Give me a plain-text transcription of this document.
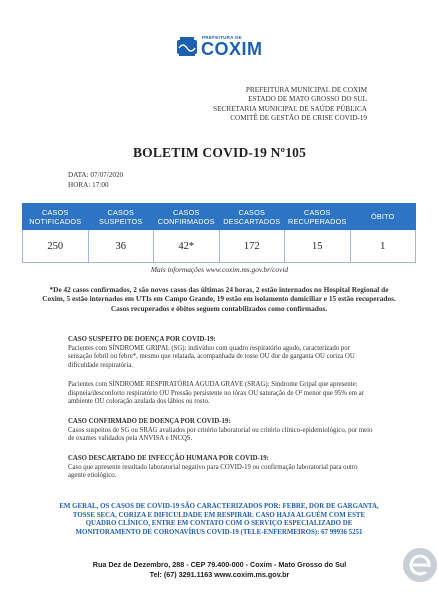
PREFEITURA DE
COXIM
PREFEITURA MUNICIPAL DE COXIM
ESTADO DE MATO GROSSO DO SUL
SECRETARIA MUNICIPAL DE SAÚDE PÚBLICA
COMITÊ DE GESTÃO DE CRISE COVID-19
BOLETIM COVID-19 Nº105
DATA: 07/07/2020
HORA: 17:00
CASOS NOTIFICADOS	CASOS SUSPEITOS	CASOS CONFIRMADOS	CASOS DESCARTADOS	CASOS RECUPERADOS	ÓBITO
250	36	42*	172	15	1
Mais informações www.coxim.ms.gov.br/covid
*De 42 casos confirmados, 2 são novos casos das últimas 24 horas, 2 estão internados no Hospital Regional de Coxim, 5 estão internados em UTIs em Campo Grande, 19 estão em isolamento domiciliar e 15 estão recuperados. Casos recuperados e óbitos seguem contabilizados como confirmados.
CASO SUSPEITO DE DOENÇA POR COVID-19:
Pacientes com SÍNDROME GRIPAL (SG): indivíduo com quadro respiratório agudo, caracterizado por sensação febril ou febre*, mesmo que relatada, acompanhada de tosse OU dor de garganta OU coriza OU dificuldade respiratória.
Pacientes com SÍNDROME RESPIRATÓRIA AGUDA GRAVE (SRAG): Síndrome Gripal que apresente: dispneia/desconforto respiratório OU Pressão persistente no tórax OU saturação de O² menor que 95% em ar ambiente OU coloração azulada dos lábios ou rosto.
CASO CONFIRMADO DE DOENÇA POR COVID-19:
Casos suspeitos de SG ou SRAG avaliados por critério laboratorial ou critério clínico-epidemiológico, por meio de exames validados pela ANVISA e INCQS.
CASO DESCARTADO DE INFECÇÃO HUMANA POR COVID-19:
Caso que apresente resultado laboratorial negativo para COVID-19 ou confirmação laboratorial para outro agente etiológico.
EM GERAL, OS CASOS DE COVID-19 SÃO CARACTERIZADOS POR: FEBRE, DOR DE GARGANTA, TOSSE SECA, CORIZA E DIFICULDADE EM RESPIRAR. CASO HAJA ALGUÉM COM ESTE QUADRO CLÍNICO, ENTRE EM CONTATO COM O SERVIÇO ESPECIALIZADO DE MONITORAMENTO DE CORONAVÍRUS COVID-19 (TELE-ENFERMEIROS): 67 99936 5251
Rua Dez de Dezembro, 288 - CEP 79.400-000 - Coxim - Mato Grosso do Sul
Tel: (67) 3291.1163 www.coxim.ms.gov.br
